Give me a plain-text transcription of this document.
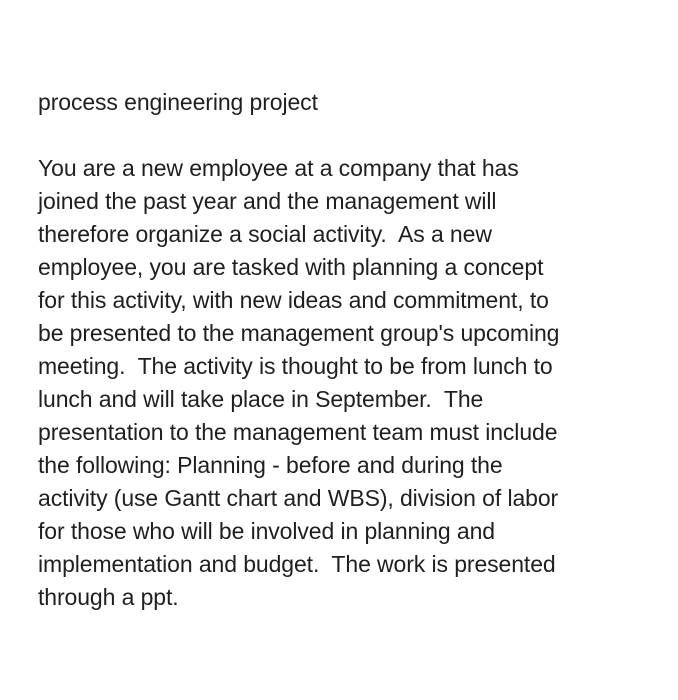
process engineering project
You are a new employee at a company that has
joined the past year and the management will
therefore organize a social activity.  As a new
employee, you are tasked with planning a concept
for this activity, with new ideas and commitment, to
be presented to the management group's upcoming
meeting.  The activity is thought to be from lunch to
lunch and will take place in September.  The
presentation to the management team must include
the following: Planning - before and during the
activity (use Gantt chart and WBS), division of labor
for those who will be involved in planning and
implementation and budget.  The work is presented
through a ppt.
